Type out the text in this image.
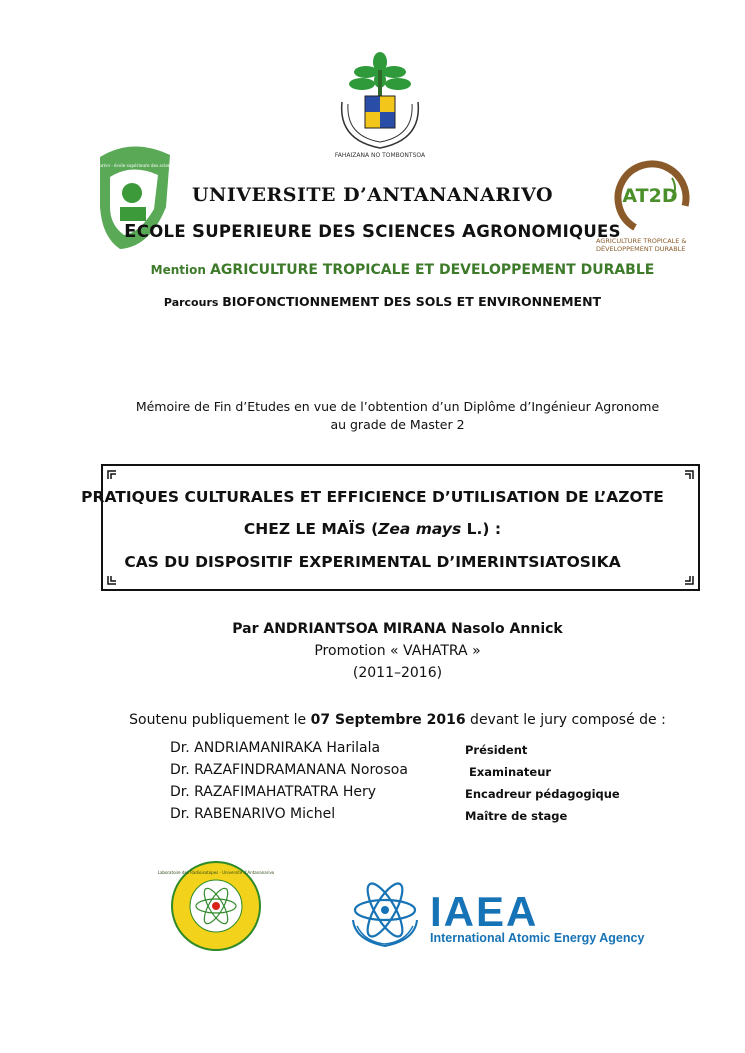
FAHAIZANA NO TOMBONTSOA
université d’Antananarivo · école supérieure des sciences agronomiques
AT2D
AGRICULTURE TROPICALE &
DÉVELOPPEMENT DURABLE
UNIVERSITE D’ANTANANARIVO
ECOLE SUPERIEURE DES SCIENCES AGRONOMIQUES
Mention AGRICULTURE TROPICALE ET DEVELOPPEMENT DURABLE
Parcours BIOFONCTIONNEMENT DES SOLS ET ENVIRONNEMENT
Mémoire de Fin d’Etudes en vue de l’obtention d’un Diplôme d’Ingénieur Agronome
au grade de Master 2
PRATIQUES CULTURALES ET EFFICIENCE D’UTILISATION DE L’AZOTE
CHEZ LE MAÏS (Zea mays L.) :
CAS DU DISPOSITIF EXPERIMENTAL D’IMERINTSIATOSIKA
Par ANDRIANTSOA MIRANA Nasolo Annick
Promotion « VAHATRA »
(2011–2016)
Soutenu publiquement le 07 Septembre 2016 devant le jury composé de :
Dr. ANDRIAMANIRAKA Harilala	Président
Dr. RAZAFINDRAMANANA Norosoa	Examinateur
Dr. RAZAFIMAHATRATRA Hery	Encadreur pédagogique
Dr. RABENARIVO Michel	Maître de stage
Laboratoire des Radioisotopes · Université d’Antananarivo
IAEA
International Atomic Energy Agency
